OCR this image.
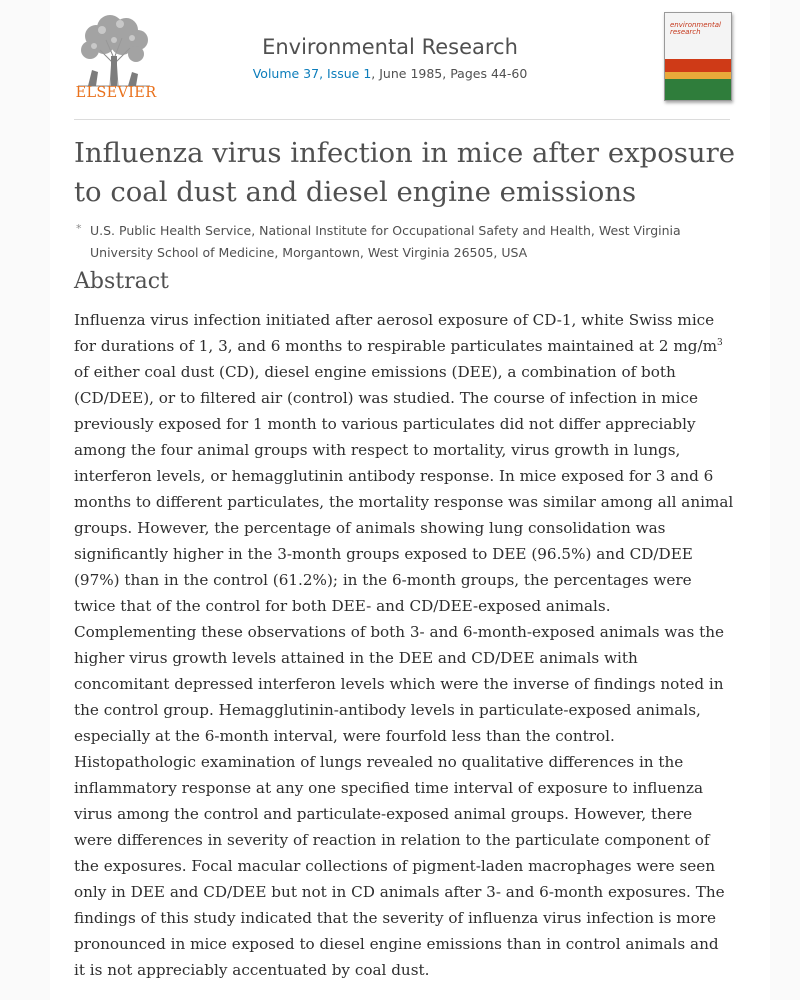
ELSEVIER
Environmental Research
Volume 37, Issue 1, June 1985, Pages 44-60
environmental research
Influenza virus infection in mice after exposure to coal dust and diesel engine emissions
* U.S. Public Health Service, National Institute for Occupational Safety and Health, West Virginia University School of Medicine, Morgantown, West Virginia 26505, USA
Abstract

Influenza virus infection initiated after aerosol exposure of CD-1, white Swiss mice for durations of 1, 3, and 6 months to respirable particulates maintained at 2 $mg/m^3$ of either coal dust (CD), diesel engine emissions (DEE), a combination of both (CD/DEE), or to filtered air (control) was studied. The course of infection in mice previously exposed for 1 month to various particulates did not differ appreciably among the four animal groups with respect to mortality, virus growth in lungs, interferon levels, or hemagglutinin antibody response. In mice exposed for 3 and 6 months to different particulates, the mortality response was similar among all animal groups. However, the percentage of animals showing lung consolidation was significantly higher in the 3-month groups exposed to DEE (96.5%) and CD/DEE (97%) than in the control (61.2%); in the 6-month groups, the percentages were twice that of the control for both DEE- and CD/DEE-exposed animals. Complementing these observations of both 3- and 6-month-exposed animals was the higher virus growth levels attained in the DEE and CD/DEE animals with concomitant depressed interferon levels which were the inverse of findings noted in the control group. Hemagglutinin-antibody levels in particulate-exposed animals, especially at the 6-month interval, were fourfold less than the control. Histopathologic examination of lungs revealed no qualitative differences in the inflammatory response at any one specified time interval of exposure to influenza virus among the control and particulate-exposed animal groups. However, there were differences in severity of reaction in relation to the particulate component of the exposures. Focal macular collections of pigment-laden macrophages were seen only in DEE and CD/DEE but not in CD animals after 3- and 6-month exposures. The findings of this study indicated that the severity of influenza virus infection is more pronounced in mice exposed to diesel engine emissions than in control animals and it is not appreciably accentuated by coal dust.
